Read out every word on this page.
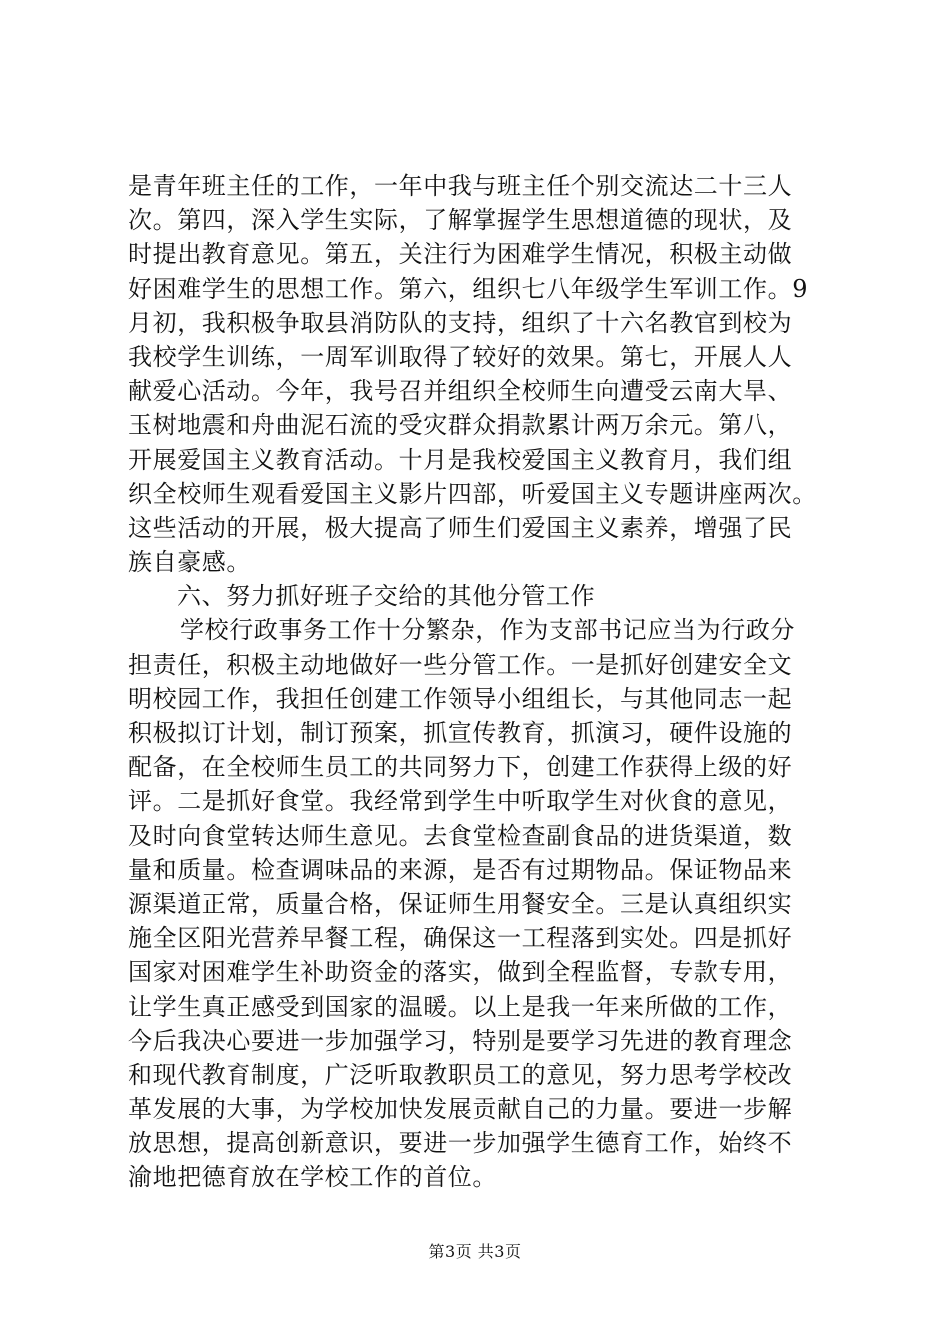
是青年班主任的工作，一年中我与班主任个别交流达二十三人
次。第四，深入学生实际，了解掌握学生思想道德的现状，及
时提出教育意见。第五，关注行为困难学生情况，积极主动做
好困难学生的思想工作。第六，组织七八年级学生军训工作。9
月初，我积极争取县消防队的支持，组织了十六名教官到校为
我校学生训练，一周军训取得了较好的效果。第七，开展人人
献爱心活动。今年，我号召并组织全校师生向遭受云南大旱、
玉树地震和舟曲泥石流的受灾群众捐款累计两万余元。第八，
开展爱国主义教育活动。十月是我校爱国主义教育月，我们组
织全校师生观看爱国主义影片四部，听爱国主义专题讲座两次。
这些活动的开展，极大提高了师生们爱国主义素养，增强了民
族自豪感。
六、努力抓好班子交给的其他分管工作
学校行政事务工作十分繁杂，作为支部书记应当为行政分
担责任，积极主动地做好一些分管工作。一是抓好创建安全文
明校园工作，我担任创建工作领导小组组长，与其他同志一起
积极拟订计划，制订预案，抓宣传教育，抓演习，硬件设施的
配备，在全校师生员工的共同努力下，创建工作获得上级的好
评。二是抓好食堂。我经常到学生中听取学生对伙食的意见，
及时向食堂转达师生意见。去食堂检查副食品的进货渠道，数
量和质量。检查调味品的来源，是否有过期物品。保证物品来
源渠道正常，质量合格，保证师生用餐安全。三是认真组织实
施全区阳光营养早餐工程，确保这一工程落到实处。四是抓好
国家对困难学生补助资金的落实，做到全程监督，专款专用，
让学生真正感受到国家的温暖。以上是我一年来所做的工作，
今后我决心要进一步加强学习，特别是要学习先进的教育理念
和现代教育制度，广泛听取教职员工的意见，努力思考学校改
革发展的大事，为学校加快发展贡献自己的力量。要进一步解
放思想，提高创新意识，要进一步加强学生德育工作，始终不
渝地把德育放在学校工作的首位。
第3页 共3页
